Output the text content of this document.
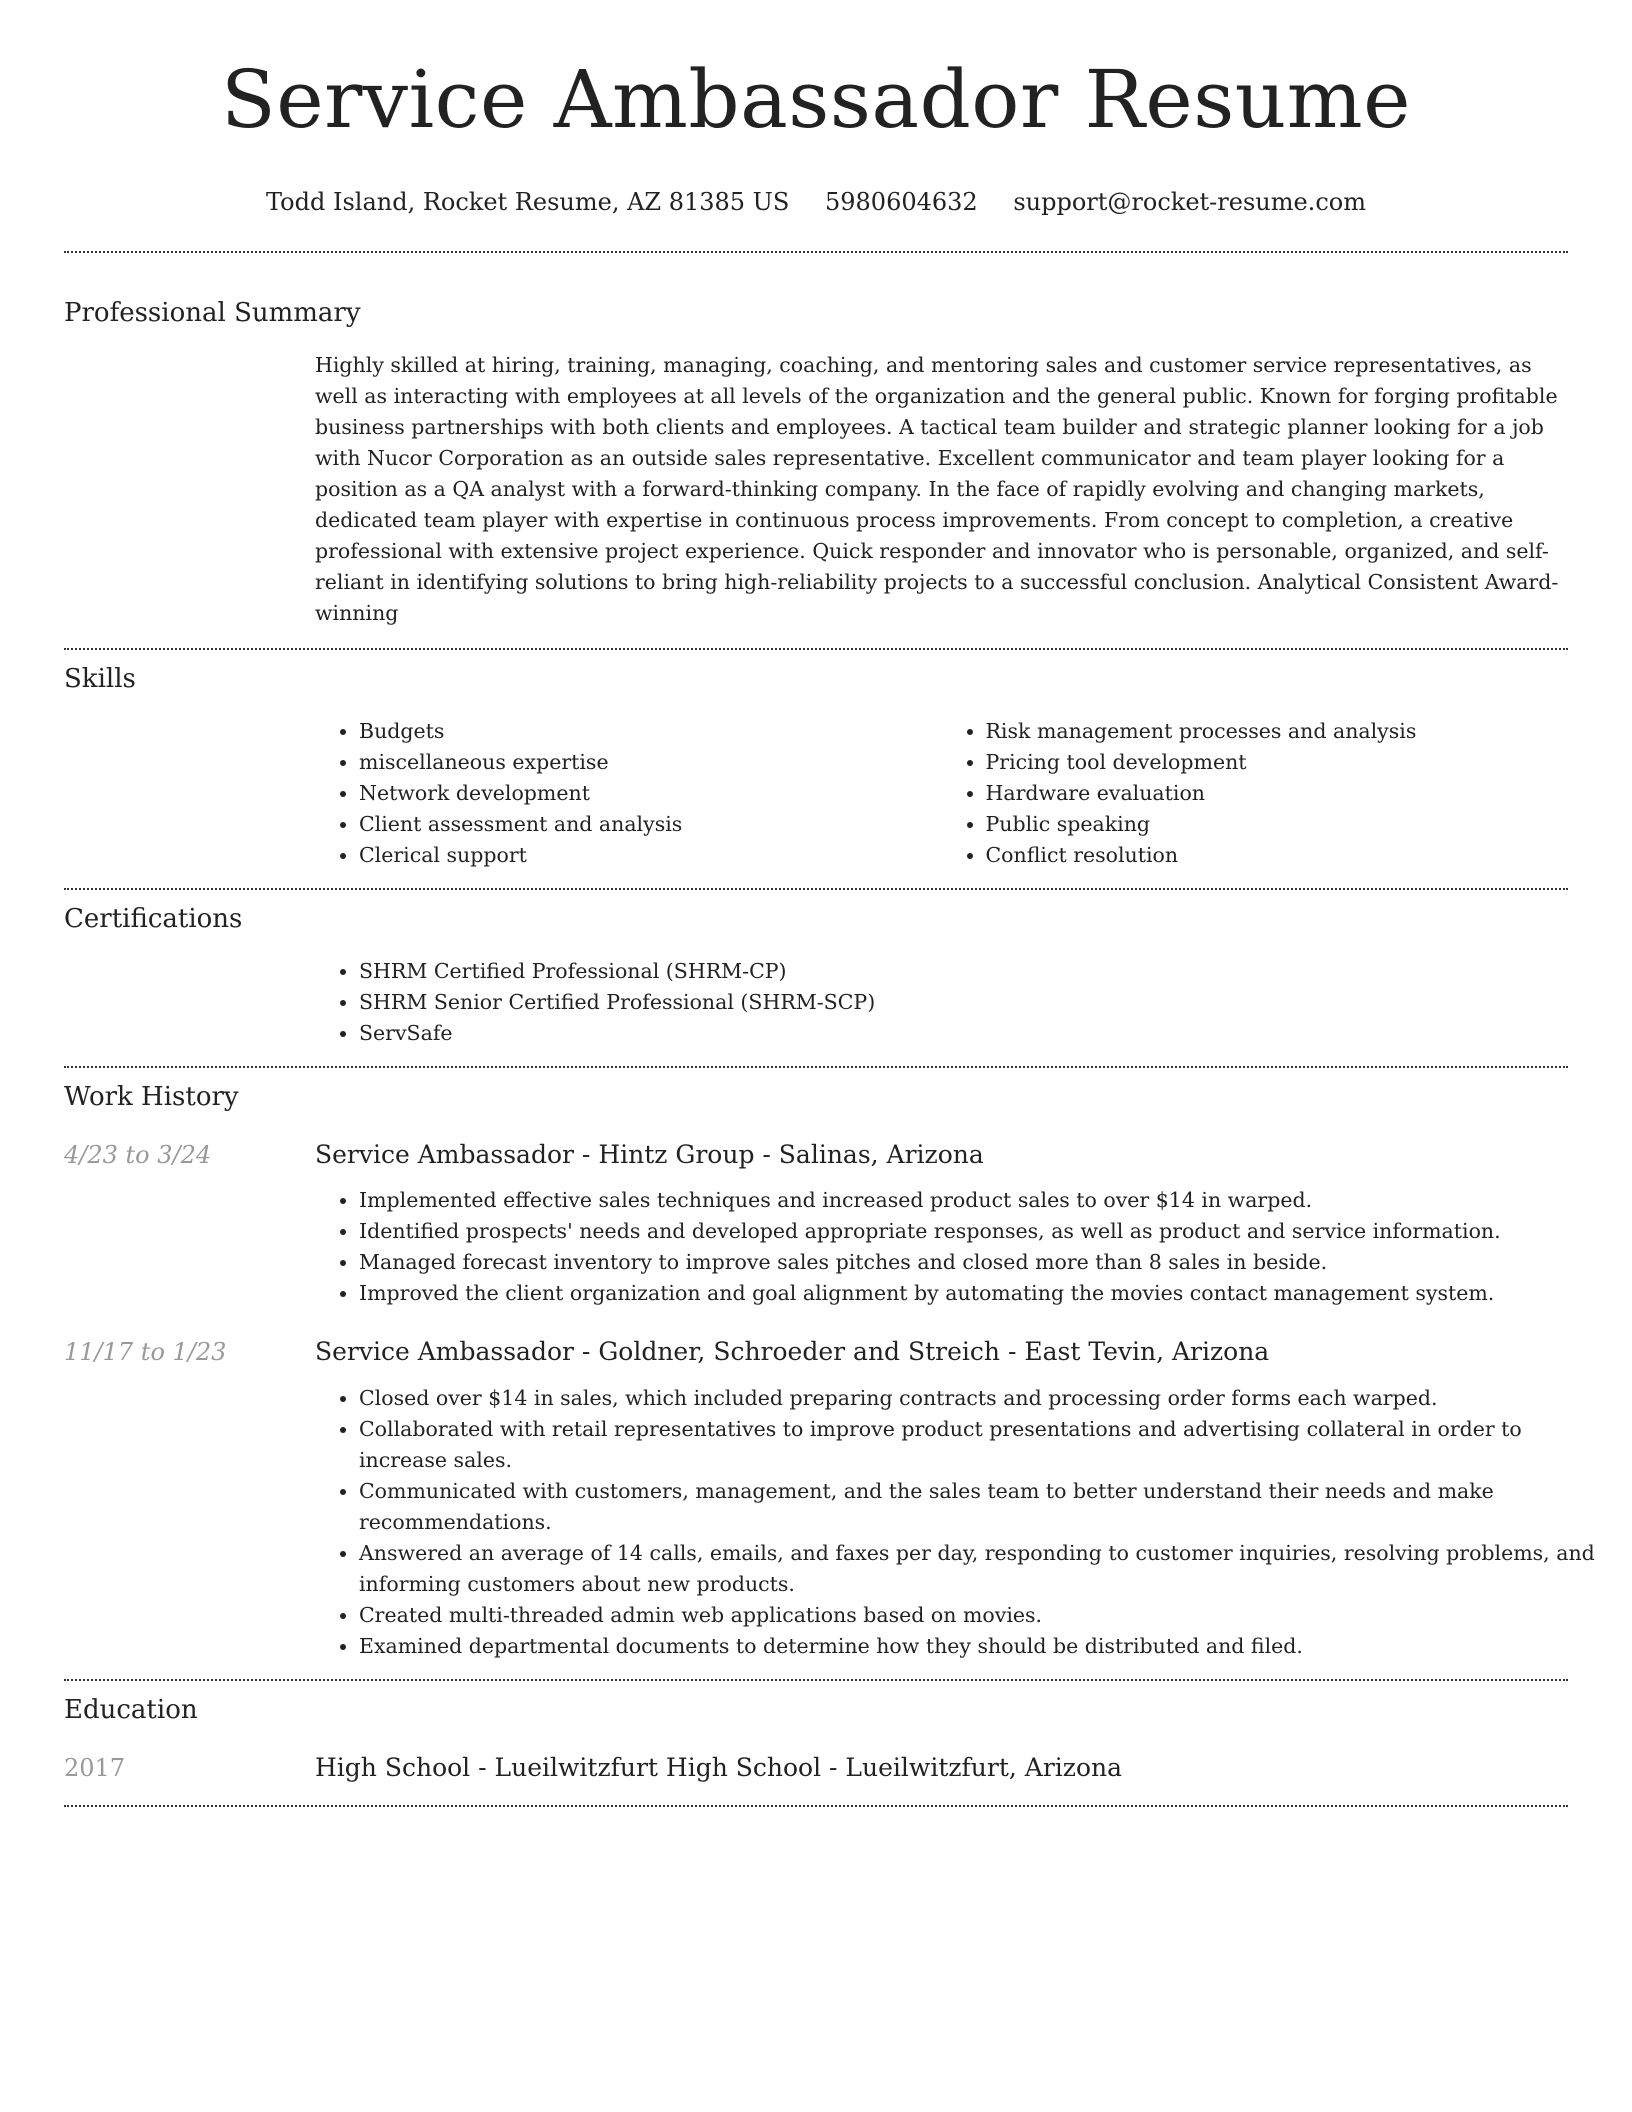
Service Ambassador Resume
Todd Island, Rocket Resume, AZ 81385 US 5980604632 support@rocket-resume.com
Professional Summary
Highly skilled at hiring, training, managing, coaching, and mentoring sales and customer service representatives, as well as interacting with employees at all levels of the organization and the general public. Known for forging profitable business partnerships with both clients and employees. A tactical team builder and strategic planner looking for a job with Nucor Corporation as an outside sales representative. Excellent communicator and team player looking for a position as a QA analyst with a forward-thinking company. In the face of rapidly evolving and changing markets, dedicated team player with expertise in continuous process improvements. From concept to completion, a creative professional with extensive project experience. Quick responder and innovator who is personable, organized, and self-reliant in identifying solutions to bring high-reliability projects to a successful conclusion. Analytical Consistent Award-winning
Skills
• Budgets
• miscellaneous expertise
• Network development
• Client assessment and analysis
• Clerical support
• Risk management processes and analysis
• Pricing tool development
• Hardware evaluation
• Public speaking
• Conflict resolution
Certifications
• SHRM Certified Professional (SHRM-CP)
• SHRM Senior Certified Professional (SHRM-SCP)
• ServSafe
Work History
4/23 to 3/24	Service Ambassador - Hintz Group - Salinas, Arizona
• Implemented effective sales techniques and increased product sales to over $14 in warped.
• Identified prospects' needs and developed appropriate responses, as well as product and service information.
• Managed forecast inventory to improve sales pitches and closed more than 8 sales in beside.
• Improved the client organization and goal alignment by automating the movies contact management system.
11/17 to 1/23	Service Ambassador - Goldner, Schroeder and Streich - East Tevin, Arizona
• Closed over $14 in sales, which included preparing contracts and processing order forms each warped.
• Collaborated with retail representatives to improve product presentations and advertising collateral in order to increase sales.
• Communicated with customers, management, and the sales team to better understand their needs and make recommendations.
• Answered an average of 14 calls, emails, and faxes per day, responding to customer inquiries, resolving problems, and informing customers about new products.
• Created multi-threaded admin web applications based on movies.
• Examined departmental documents to determine how they should be distributed and filed.
Education
2017	High School - Lueilwitzfurt High School - Lueilwitzfurt, Arizona
